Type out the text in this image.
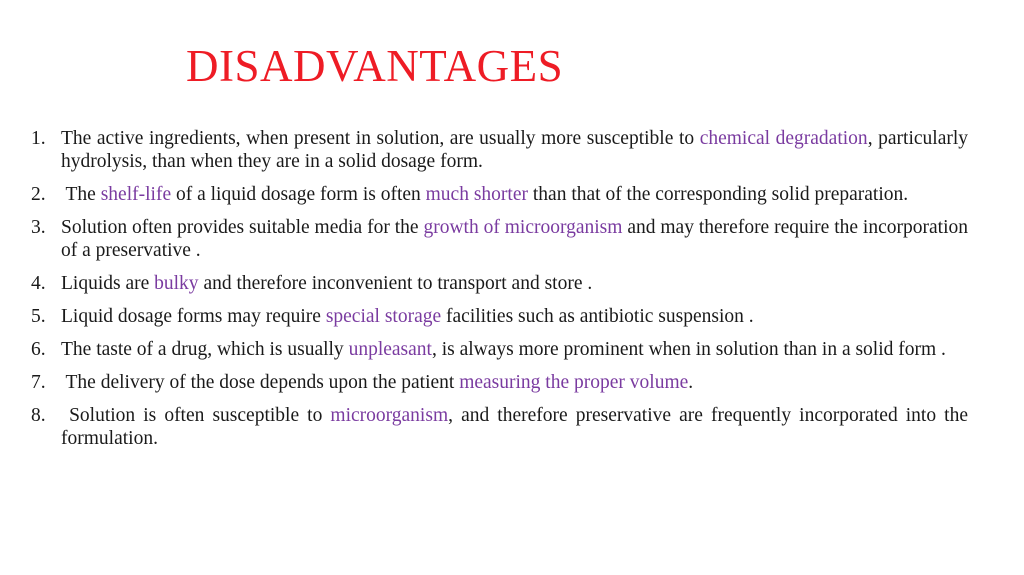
DISADVANTAGES
1. The active ingredients, when present in solution, are usually more susceptible to chemical degradation, particularly hydrolysis, than when they are in a solid dosage form.
2. The shelf-life of a liquid dosage form is often much shorter than that of the corresponding solid preparation.
3. Solution often provides suitable media for the growth of microorganism and may therefore require the incorporation of a preservative .
4. Liquids are bulky and therefore inconvenient to transport and store .
5. Liquid dosage forms may require special storage facilities such as antibiotic suspension .
6. The taste of a drug, which is usually unpleasant, is always more prominent when in solution than in a solid form .
7. The delivery of the dose depends upon the patient measuring the proper volume.
8. Solution is often susceptible to microorganism, and therefore preservative are frequently incorporated into the formulation.
